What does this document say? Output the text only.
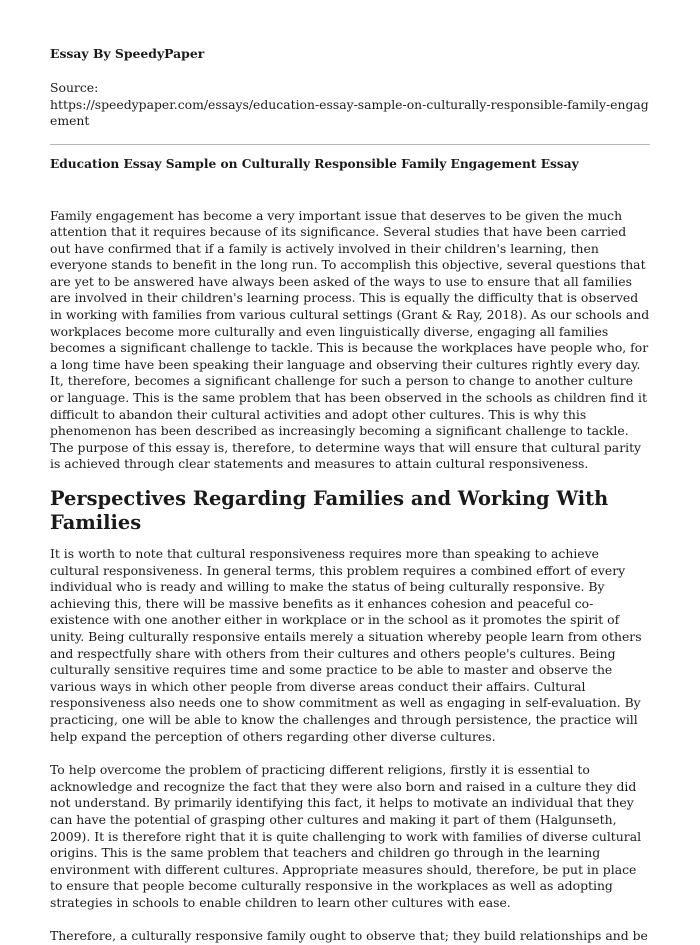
Essay By SpeedyPaper

Source:
https://speedypaper.com/essays/education-essay-sample-on-culturally-responsible-family-engagement

Education Essay Sample on Culturally Responsible Family Engagement Essay

Family engagement has become a very important issue that deserves to be given the much attention that it requires because of its significance. Several studies that have been carried out have confirmed that if a family is actively involved in their children's learning, then everyone stands to benefit in the long run. To accomplish this objective, several questions that are yet to be answered have always been asked of the ways to use to ensure that all families are involved in their children's learning process. This is equally the difficulty that is observed in working with families from various cultural settings (Grant & Ray, 2018). As our schools and workplaces become more culturally and even linguistically diverse, engaging all families becomes a significant challenge to tackle. This is because the workplaces have people who, for a long time have been speaking their language and observing their cultures rightly every day. It, therefore, becomes a significant challenge for such a person to change to another culture or language. This is the same problem that has been observed in the schools as children find it difficult to abandon their cultural activities and adopt other cultures. This is why this phenomenon has been described as increasingly becoming a significant challenge to tackle. The purpose of this essay is, therefore, to determine ways that will ensure that cultural parity is achieved through clear statements and measures to attain cultural responsiveness.

Perspectives Regarding Families and Working With Families

It is worth to note that cultural responsiveness requires more than speaking to achieve cultural responsiveness. In general terms, this problem requires a combined effort of every individual who is ready and willing to make the status of being culturally responsive. By achieving this, there will be massive benefits as it enhances cohesion and peaceful co-existence with one another either in workplace or in the school as it promotes the spirit of unity. Being culturally responsive entails merely a situation whereby people learn from others and respectfully share with others from their cultures and others people's cultures. Being culturally sensitive requires time and some practice to be able to master and observe the various ways in which other people from diverse areas conduct their affairs. Cultural responsiveness also needs one to show commitment as well as engaging in self-evaluation. By practicing, one will be able to know the challenges and through persistence, the practice will help expand the perception of others regarding other diverse cultures.

To help overcome the problem of practicing different religions, firstly it is essential to acknowledge and recognize the fact that they were also born and raised in a culture they did not understand. By primarily identifying this fact, it helps to motivate an individual that they can have the potential of grasping other cultures and making it part of them (Halgunseth, 2009). It is therefore right that it is quite challenging to work with families of diverse cultural origins. This is the same problem that teachers and children go through in the learning environment with different cultures. Appropriate measures should, therefore, be put in place to ensure that people become culturally responsive in the workplaces as well as adopting strategies in schools to enable children to learn other cultures with ease.

Therefore, a culturally responsive family ought to observe that; they build relationships and be
